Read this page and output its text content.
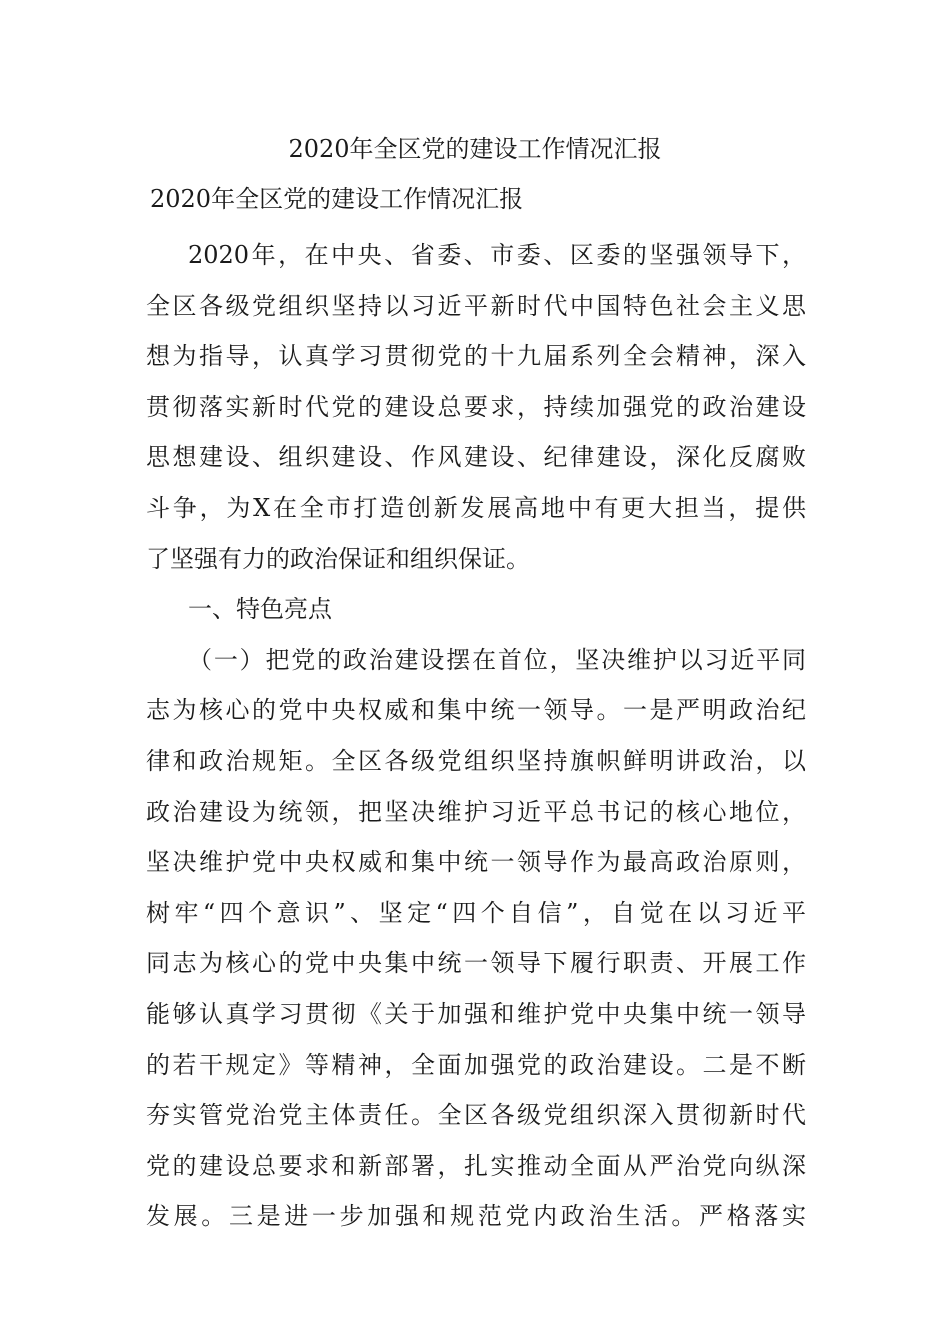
2020年全区党的建设工作情况汇报
2020年全区党的建设工作情况汇报
2020年，在中央、省委、市委、区委的坚强领导下，
全区各级党组织坚持以习近平新时代中国特色社会主义思
想为指导，认真学习贯彻党的十九届系列全会精神，深入
贯彻落实新时代党的建设总要求，持续加强党的政治建设
思想建设、组织建设、作风建设、纪律建设，深化反腐败
斗争，为X在全市打造创新发展高地中有更大担当，提供
了坚强有力的政治保证和组织保证。
一、特色亮点
（一）把党的政治建设摆在首位，坚决维护以习近平同
志为核心的党中央权威和集中统一领导。一是严明政治纪
律和政治规矩。全区各级党组织坚持旗帜鲜明讲政治，以
政治建设为统领，把坚决维护习近平总书记的核心地位，
坚决维护党中央权威和集中统一领导作为最高政治原则，
树牢“四个意识”、坚定“四个自信”，自觉在以习近平
同志为核心的党中央集中统一领导下履行职责、开展工作
能够认真学习贯彻《关于加强和维护党中央集中统一领导
的若干规定》等精神，全面加强党的政治建设。二是不断
夯实管党治党主体责任。全区各级党组织深入贯彻新时代
党的建设总要求和新部署，扎实推动全面从严治党向纵深
发展。三是进一步加强和规范党内政治生活。严格落实
